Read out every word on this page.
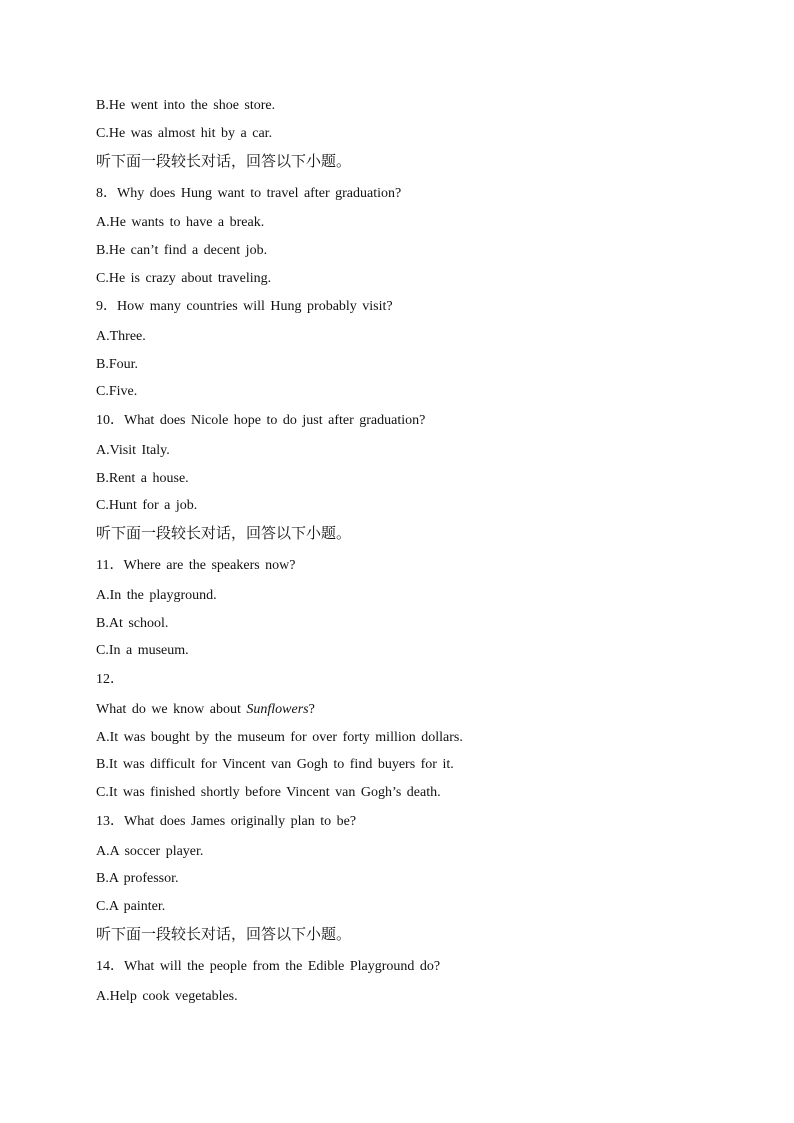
B.He went into the shoe store.
C.He was almost hit by a car.
听下面一段较长对话，回答以下小题。
8．Why does Hung want to travel after graduation?
A.He wants to have a break.
B.He can’t find a decent job.
C.He is crazy about traveling.
9．How many countries will Hung probably visit?
A.Three.
B.Four.
C.Five.
10．What does Nicole hope to do just after graduation?
A.Visit Italy.
B.Rent a house.
C.Hunt for a job.
听下面一段较长对话，回答以下小题。
11．Where are the speakers now?
A.In the playground.
B.At school.
C.In a museum.
12．
What do we know about Sunflowers?
A.It was bought by the museum for over forty million dollars.
B.It was difficult for Vincent van Gogh to find buyers for it.
C.It was finished shortly before Vincent van Gogh’s death.
13．What does James originally plan to be?
A.A soccer player.
B.A professor.
C.A painter.
听下面一段较长对话，回答以下小题。
14．What will the people from the Edible Playground do?
A.Help cook vegetables.
